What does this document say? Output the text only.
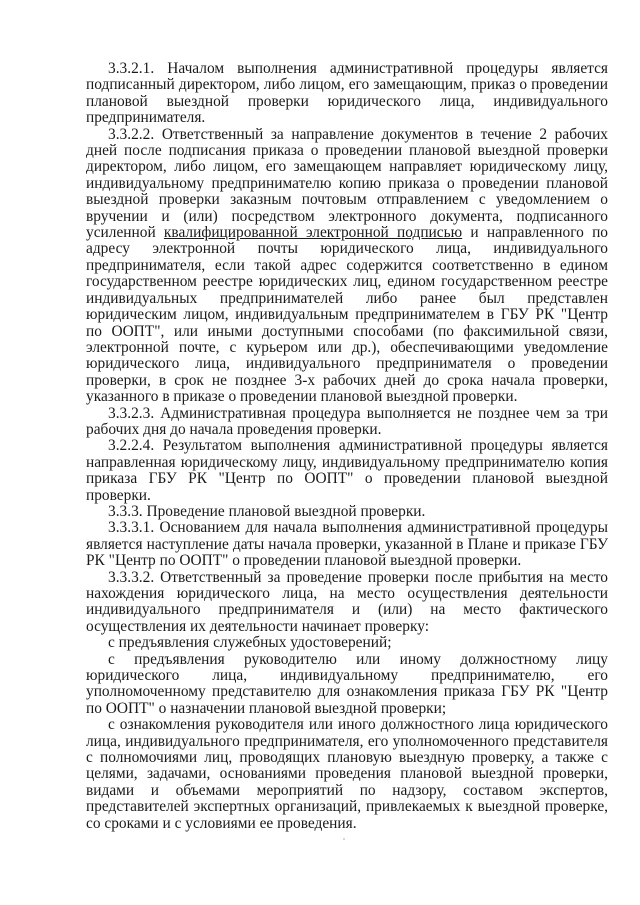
3.3.2.1. Началом выполнения административной процедуры является подписанный директором, либо лицом, его замещающим, приказ о проведении плановой выездной проверки юридического лица, индивидуального предпринимателя.

3.3.2.2. Ответственный за направление документов в течение 2 рабочих дней после подписания приказа о проведении плановой выездной проверки директором, либо лицом, его замещающем направляет юридическому лицу, индивидуальному предпринимателю копию приказа о проведении плановой выездной проверки заказным почтовым отправлением с уведомлением о вручении и (или) посредством электронного документа, подписанного усиленной квалифицированной электронной подписью и направленного по адресу электронной почты юридического лица, индивидуального предпринимателя, если такой адрес содержится соответственно в едином государственном реестре юридических лиц, едином государственном реестре индивидуальных предпринимателей либо ранее был представлен юридическим лицом, индивидуальным предпринимателем в ГБУ РК "Центр по ООПТ", или иными доступными способами (по факсимильной связи, электронной почте, с курьером или др.), обеспечивающими уведомление юридического лица, индивидуального предпринимателя о проведении проверки, в срок не позднее 3-х рабочих дней до срока начала проверки, указанного в приказе о проведении плановой выездной проверки.

3.3.2.3. Административная процедура выполняется не позднее чем за три рабочих дня до начала проведения проверки.

3.2.2.4. Результатом выполнения административной процедуры является направленная юридическому лицу, индивидуальному предпринимателю копия приказа ГБУ РК "Центр по ООПТ" о проведении плановой выездной проверки.

3.3.3. Проведение плановой выездной проверки.

3.3.3.1. Основанием для начала выполнения административной процедуры является наступление даты начала проверки, указанной в Плане и приказе ГБУ РК "Центр по ООПТ" о проведении плановой выездной проверки.

3.3.3.2. Ответственный за проведение проверки после прибытия на место нахождения юридического лица, на место осуществления деятельности индивидуального предпринимателя и (или) на место фактического осуществления их деятельности начинает проверку:

с предъявления служебных удостоверений;

с предъявления руководителю или иному должностному лицу юридического лица, индивидуальному предпринимателю, его уполномоченному представителю для ознакомления приказа ГБУ РК "Центр по ООПТ" о назначении плановой выездной проверки;

с ознакомления руководителя или иного должностного лица юридического лица, индивидуального предпринимателя, его уполномоченного представителя с полномочиями лиц, проводящих плановую выездную проверку, а также с целями, задачами, основаниями проведения плановой выездной проверки, видами и объемами мероприятий по надзору, составом экспертов, представителей экспертных организаций, привлекаемых к выездной проверке, со сроками и с условиями ее проведения.
